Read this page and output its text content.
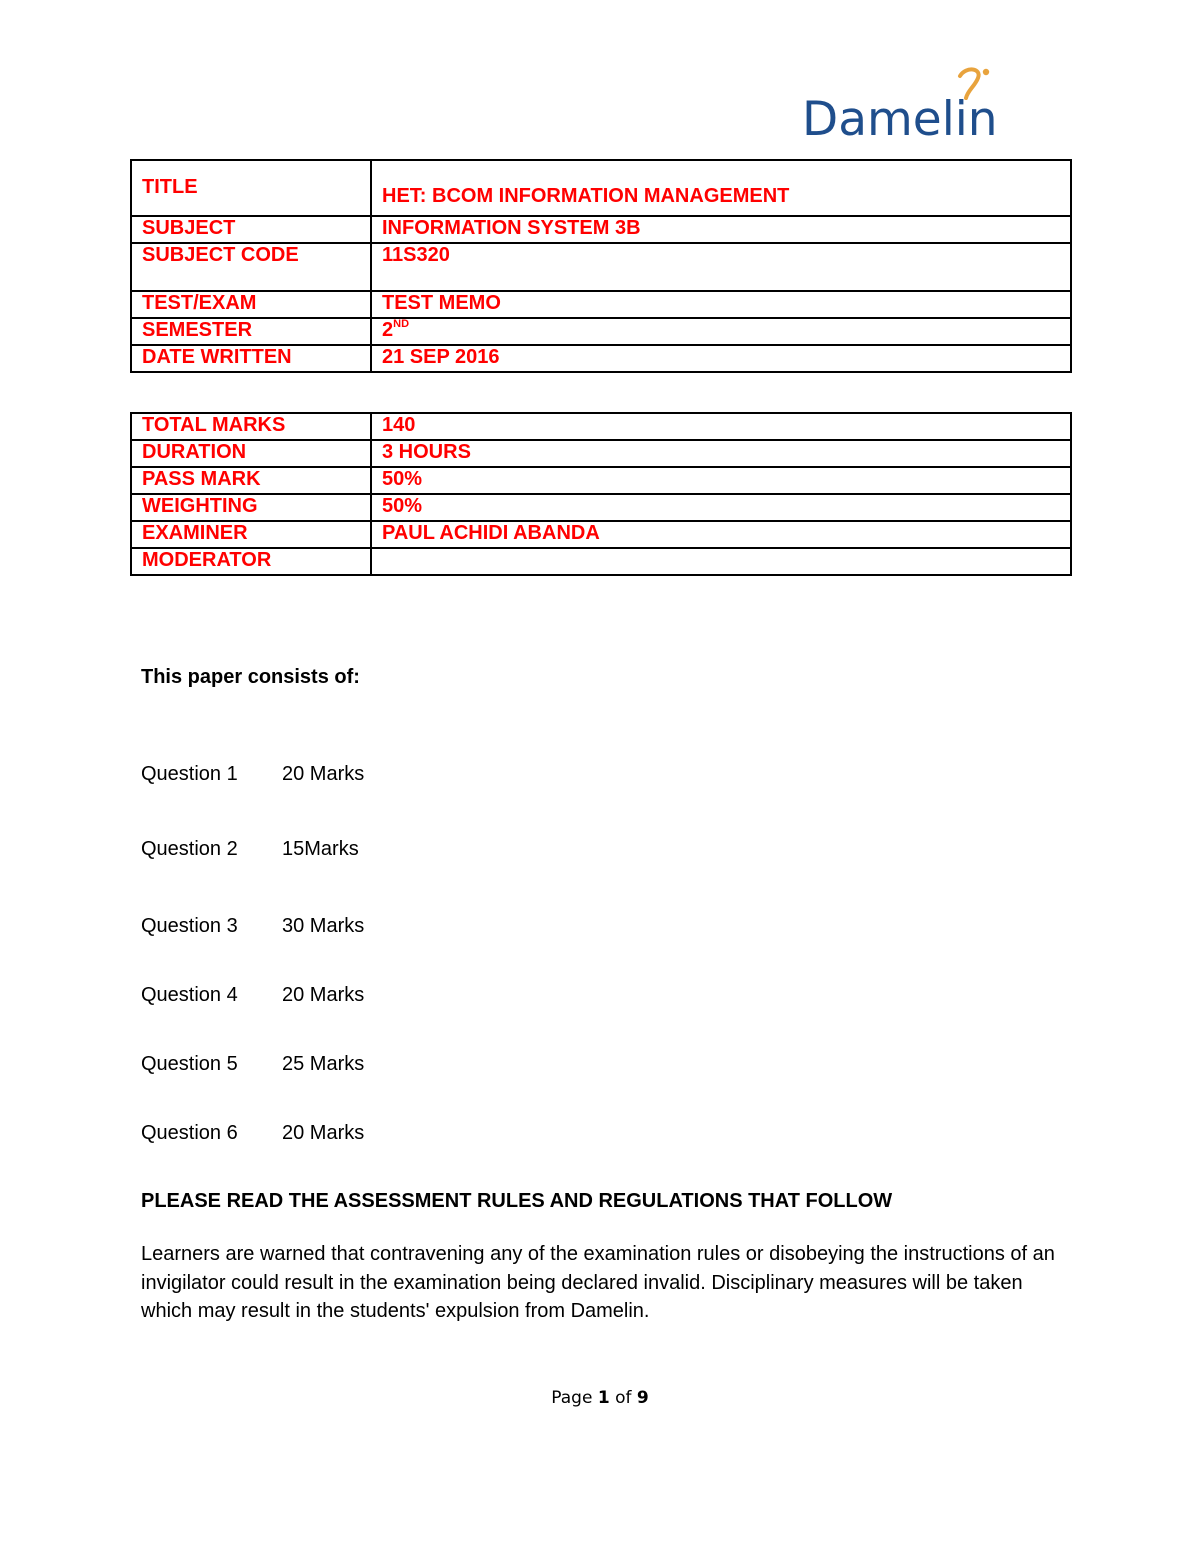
Damelin
TITLE	HET: BCOM INFORMATION MANAGEMENT
SUBJECT	INFORMATION SYSTEM 3B
SUBJECT CODE	11S320
TEST/EXAM	TEST MEMO
SEMESTER	2ND
DATE WRITTEN	21 SEP 2016
TOTAL MARKS	140
DURATION	3 HOURS
PASS MARK	50%
WEIGHTING	50%
EXAMINER	PAUL ACHIDI ABANDA
MODERATOR	
This paper consists of:
Question 1 20 Marks
Question 2 15Marks
Question 3 30 Marks
Question 4 20 Marks
Question 5 25 Marks
Question 6 20 Marks
PLEASE READ THE ASSESSMENT RULES AND REGULATIONS THAT FOLLOW
Learners are warned that contravening any of the examination rules or disobeying the instructions of an invigilator could result in the examination being declared invalid. Disciplinary measures will be taken which may result in the students' expulsion from Damelin.
Page 1 of 9
